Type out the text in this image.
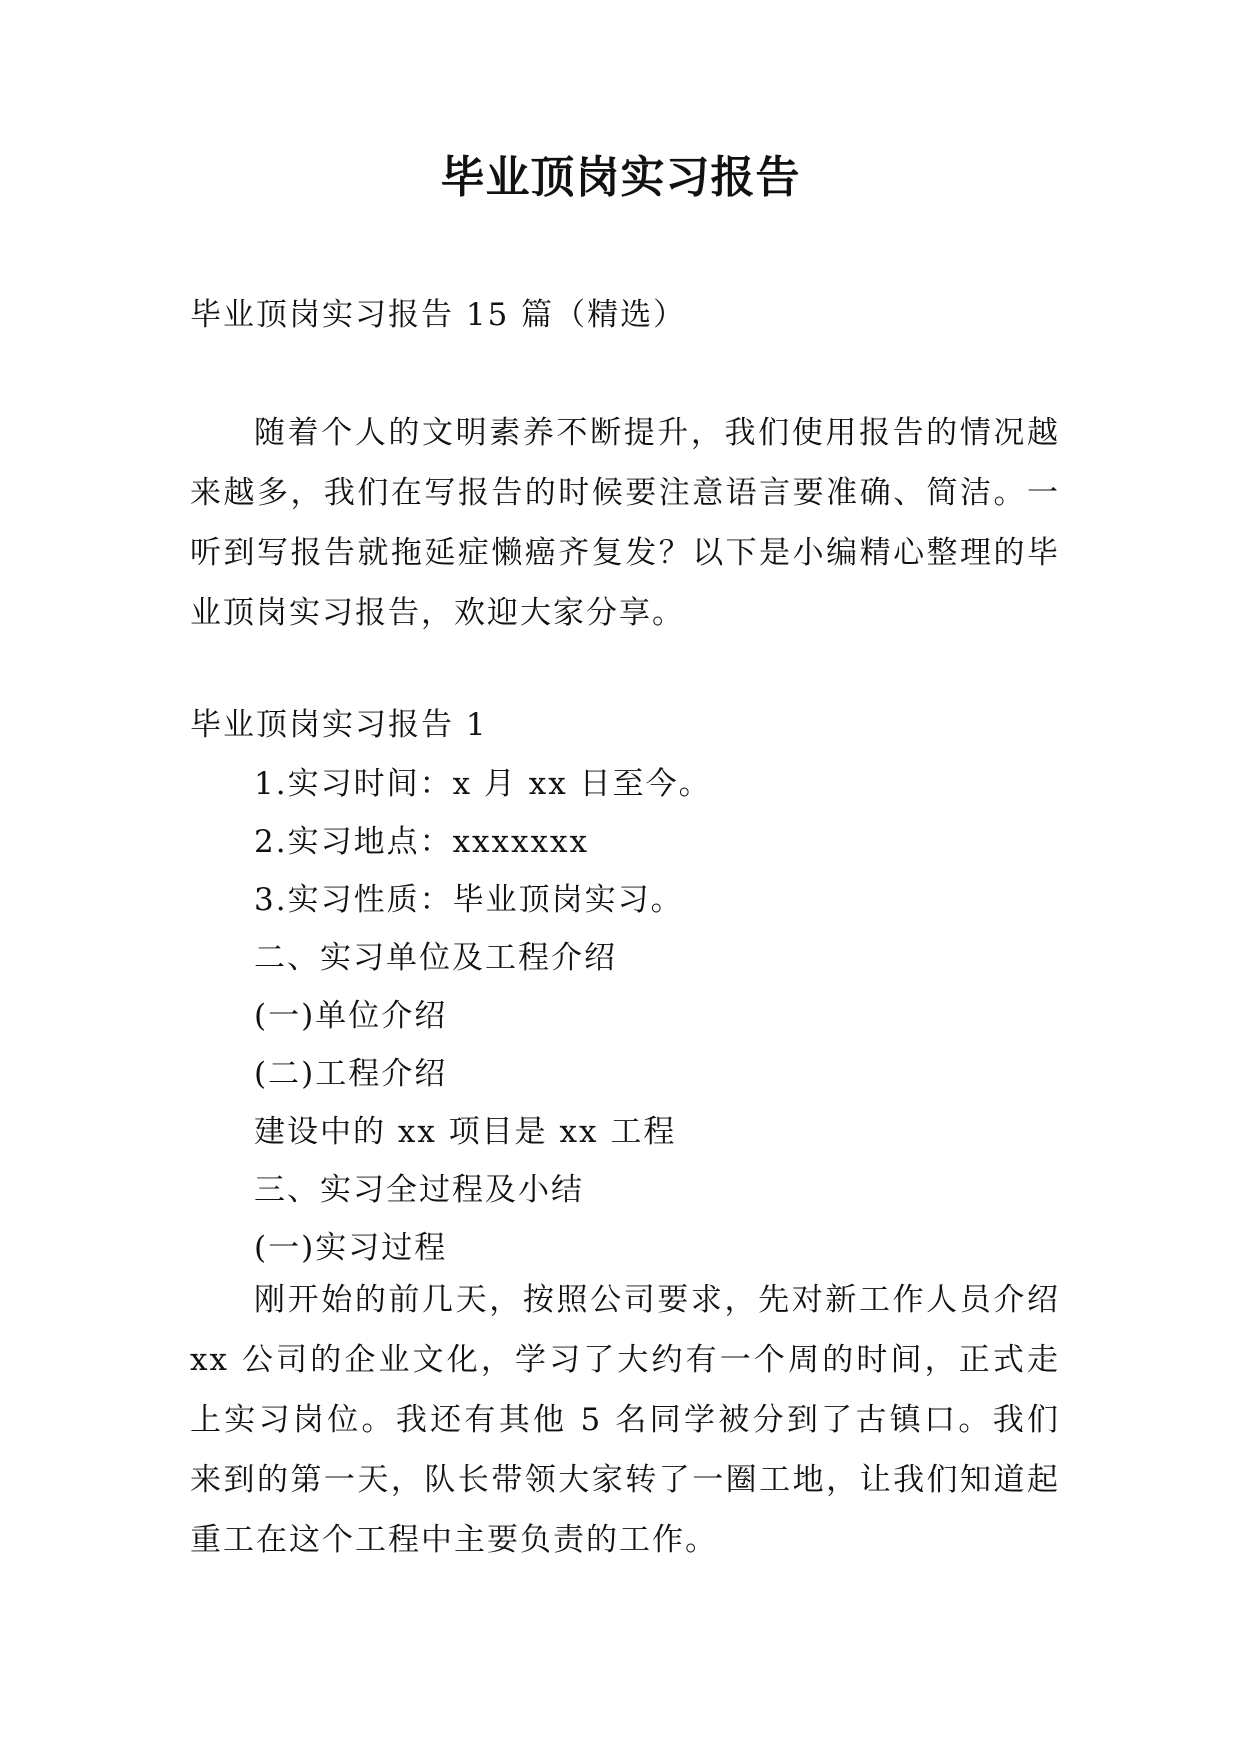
毕业顶岗实习报告
毕业顶岗实习报告 15 篇（精选）
随着个人的文明素养不断提升，我们使用报告的情况越来越多，我们在写报告的时候要注意语言要准确、简洁。一听到写报告就拖延症懒癌齐复发？以下是小编精心整理的毕业顶岗实习报告，欢迎大家分享。
毕业顶岗实习报告 1
1.实习时间：x 月 xx 日至今。
2.实习地点：xxxxxxx
3.实习性质：毕业顶岗实习。
二、实习单位及工程介绍
(一)单位介绍
(二)工程介绍
建设中的 xx 项目是 xx 工程
三、实习全过程及小结
(一)实习过程
刚开始的前几天，按照公司要求，先对新工作人员介绍 xx 公司的企业文化，学习了大约有一个周的时间，正式走上实习岗位。我还有其他 5 名同学被分到了古镇口。我们来到的第一天，队长带领大家转了一圈工地，让我们知道起重工在这个工程中主要负责的工作。
